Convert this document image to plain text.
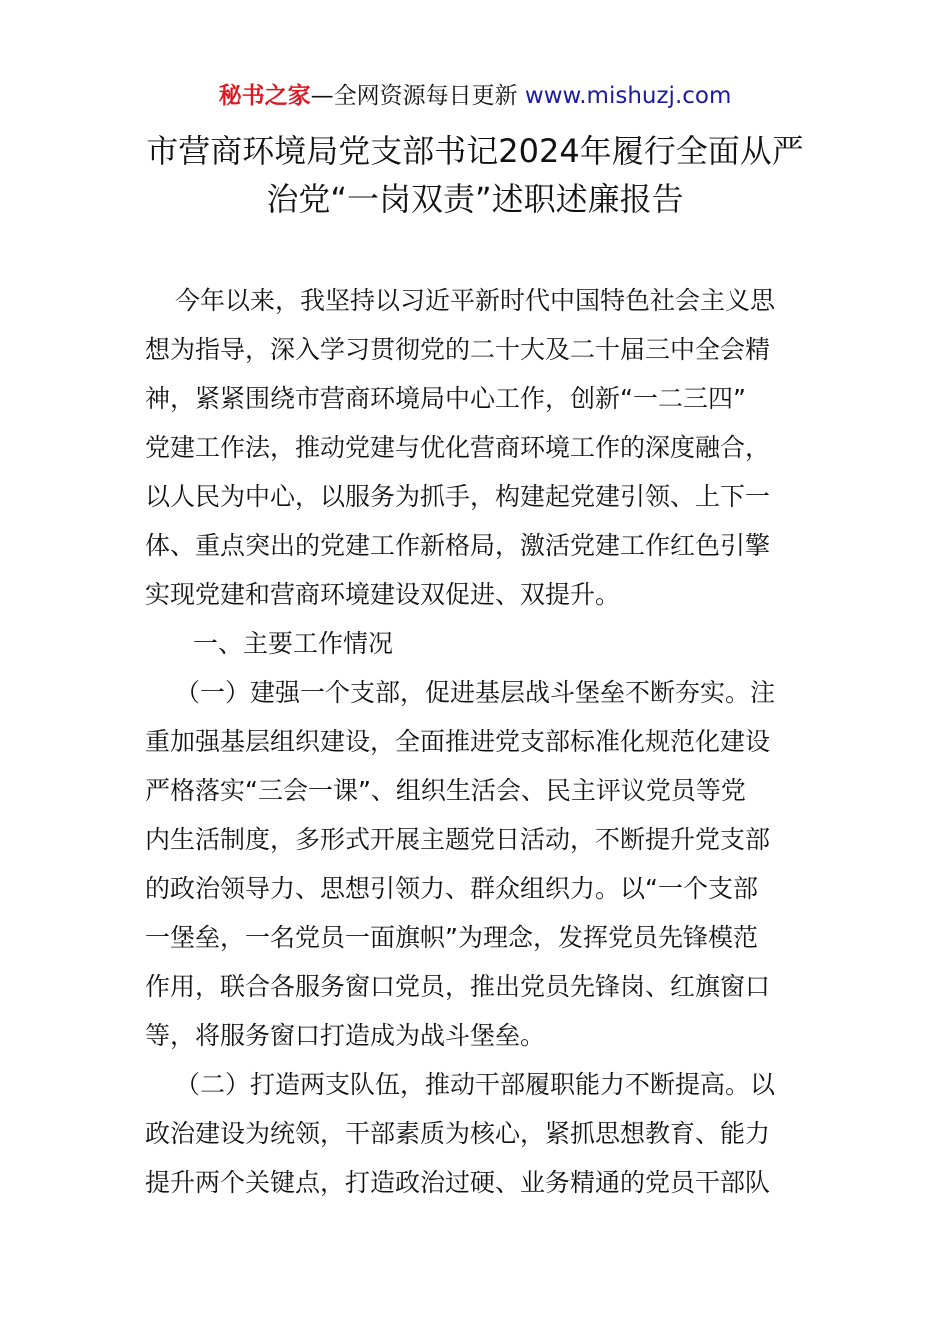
秘书之家—全网资源每日更新 www.mishuzj.com
市营商环境局党支部书记2024年履行全面从严
治党“一岗双责”述职述廉报告
今年以来，我坚持以习近平新时代中国特色社会主义思
想为指导，深入学习贯彻党的二十大及二十届三中全会精
神，紧紧围绕市营商环境局中心工作，创新“一二三四”
党建工作法，推动党建与优化营商环境工作的深度融合，
以人民为中心，以服务为抓手，构建起党建引领、上下一
体、重点突出的党建工作新格局，激活党建工作红色引擎
实现党建和营商环境建设双促进、双提升。
一、主要工作情况
（一）建强一个支部，促进基层战斗堡垒不断夯实。注
重加强基层组织建设，全面推进党支部标准化规范化建设
严格落实“三会一课”、组织生活会、民主评议党员等党
内生活制度，多形式开展主题党日活动，不断提升党支部
的政治领导力、思想引领力、群众组织力。以“一个支部
一堡垒，一名党员一面旗帜”为理念，发挥党员先锋模范
作用，联合各服务窗口党员，推出党员先锋岗、红旗窗口
等，将服务窗口打造成为战斗堡垒。
（二）打造两支队伍，推动干部履职能力不断提高。以
政治建设为统领，干部素质为核心，紧抓思想教育、能力
提升两个关键点，打造政治过硬、业务精通的党员干部队
